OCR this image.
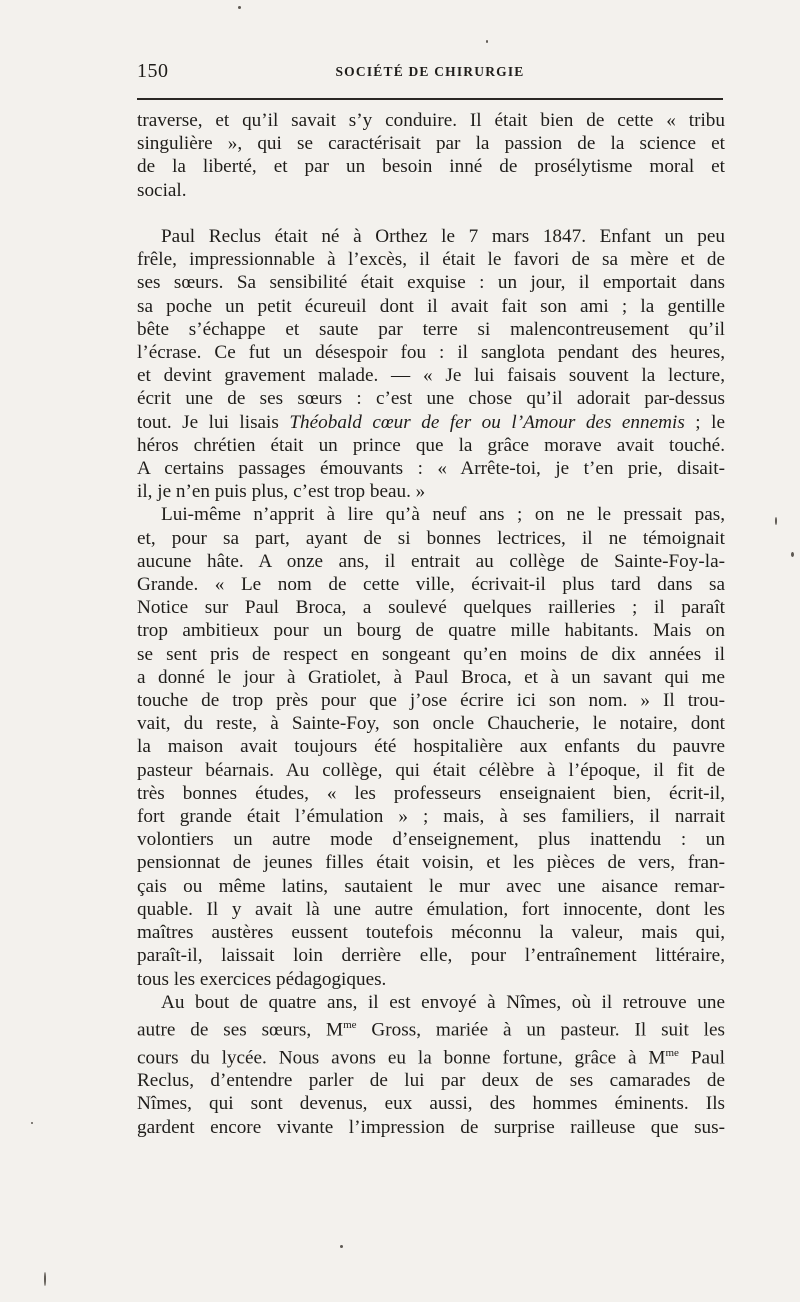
150	SOCIÉTÉ DE CHIRURGIE
traverse, et qu’il savait s’y conduire. Il était bien de cette « tribu
singulière », qui se caractérisait par la passion de la science et
de la liberté, et par un besoin inné de prosélytisme moral et
social.
Paul Reclus était né à Orthez le 7 mars 1847. Enfant un peu
frêle, impressionnable à l’excès, il était le favori de sa mère et de
ses sœurs. Sa sensibilité était exquise : un jour, il emportait dans
sa poche un petit écureuil dont il avait fait son ami ; la gentille
bête s’échappe et saute par terre si malencontreusement qu’il
l’écrase. Ce fut un désespoir fou : il sanglota pendant des heures,
et devint gravement malade. — « Je lui faisais souvent la lecture,
écrit une de ses sœurs : c’est une chose qu’il adorait par-dessus
tout. Je lui lisais Théobald cœur de fer ou l’Amour des ennemis ; le
héros chrétien était un prince que la grâce morave avait touché.
A certains passages émouvants : « Arrête-toi, je t’en prie, disait-
il, je n’en puis plus, c’est trop beau. »
Lui-même n’apprit à lire qu’à neuf ans ; on ne le pressait pas,
et, pour sa part, ayant de si bonnes lectrices, il ne témoignait
aucune hâte. A onze ans, il entrait au collège de Sainte-Foy-la-
Grande. « Le nom de cette ville, écrivait-il plus tard dans sa
Notice sur Paul Broca, a soulevé quelques railleries ; il paraît
trop ambitieux pour un bourg de quatre mille habitants. Mais on
se sent pris de respect en songeant qu’en moins de dix années il
a donné le jour à Gratiolet, à Paul Broca, et à un savant qui me
touche de trop près pour que j’ose écrire ici son nom. » Il trou-
vait, du reste, à Sainte-Foy, son oncle Chaucherie, le notaire, dont
la maison avait toujours été hospitalière aux enfants du pauvre
pasteur béarnais. Au collège, qui était célèbre à l’époque, il fit de
très bonnes études, « les professeurs enseignaient bien, écrit-il,
fort grande était l’émulation » ; mais, à ses familiers, il narrait
volontiers un autre mode d’enseignement, plus inattendu : un
pensionnat de jeunes filles était voisin, et les pièces de vers, fran-
çais ou même latins, sautaient le mur avec une aisance remar-
quable. Il y avait là une autre émulation, fort innocente, dont les
maîtres austères eussent toutefois méconnu la valeur, mais qui,
paraît-il, laissait loin derrière elle, pour l’entraînement littéraire,
tous les exercices pédagogiques.
Au bout de quatre ans, il est envoyé à Nîmes, où il retrouve une
autre de ses sœurs, $M^{me}$ Gross, mariée à un pasteur. Il suit les
cours du lycée. Nous avons eu la bonne fortune, grâce à $M^{me}$ Paul
Reclus, d’entendre parler de lui par deux de ses camarades de
Nîmes, qui sont devenus, eux aussi, des hommes éminents. Ils
gardent encore vivante l’impression de surprise railleuse que sus-
